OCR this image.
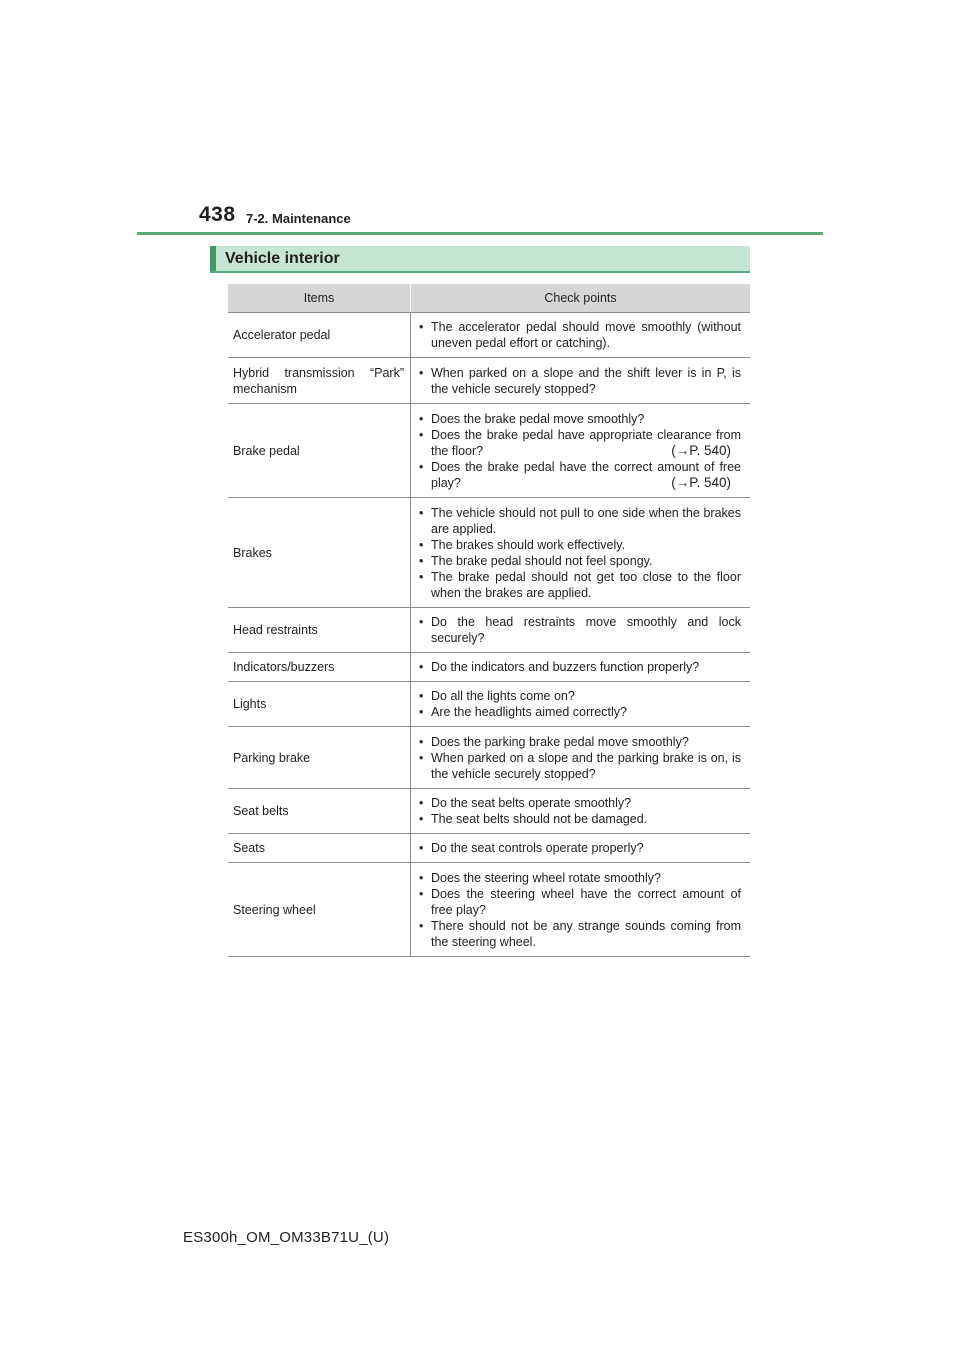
438 7-2. Maintenance
Vehicle interior
Items	Check points
Accelerator pedal	• The accelerator pedal should move smoothly (without uneven pedal effort or catching).

Hybrid transmission “Park” mechanism	• When parked on a slope and the shift lever is in P, is the vehicle securely stopped?

Brake pedal	• Does the brake pedal move smoothly?
• Does the brake pedal have appropriate clearance from the floor? (→P. 540)
• Does the brake pedal have the correct amount of free play? (→P. 540)

Brakes	• The vehicle should not pull to one side when the brakes are applied.
• The brakes should work effectively.
• The brake pedal should not feel spongy.
• The brake pedal should not get too close to the floor when the brakes are applied.

Head restraints	• Do the head restraints move smoothly and lock securely?

Indicators/buzzers	• Do the indicators and buzzers function properly?

Lights	• Do all the lights come on?
• Are the headlights aimed correctly?

Parking brake	• Does the parking brake pedal move smoothly?
• When parked on a slope and the parking brake is on, is the vehicle securely stopped?

Seat belts	• Do the seat belts operate smoothly?
• The seat belts should not be damaged.

Seats	• Do the seat controls operate properly?

Steering wheel	• Does the steering wheel rotate smoothly?
• Does the steering wheel have the correct amount of free play?
• There should not be any strange sounds coming from the steering wheel.
ES300h_OM_OM33B71U_(U)
